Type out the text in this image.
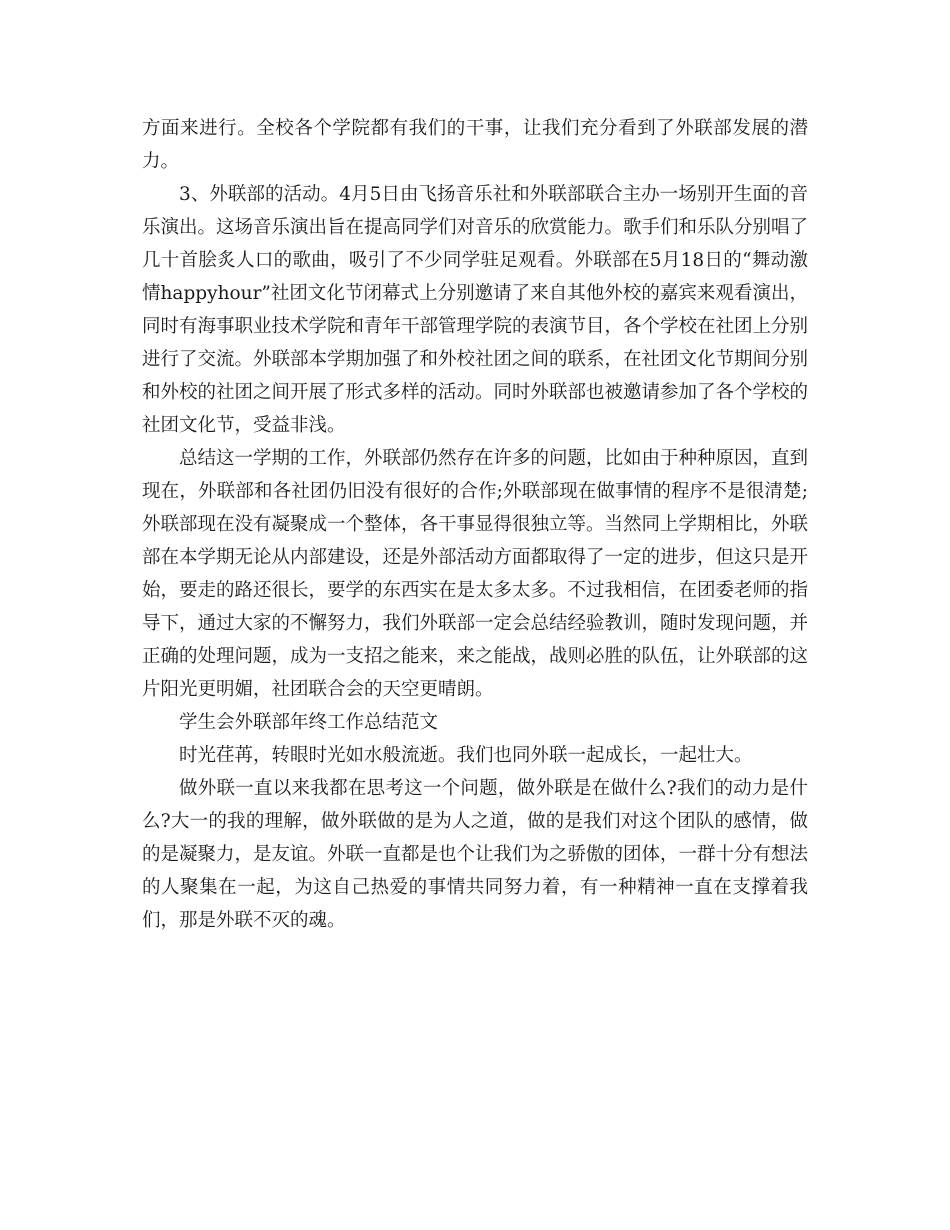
方面来进行。全校各个学院都有我们的干事，让我们充分看到了外联部发展的潜力。

3、外联部的活动。4月5日由飞扬音乐社和外联部联合主办一场别开生面的音乐演出。这场音乐演出旨在提高同学们对音乐的欣赏能力。歌手们和乐队分别唱了几十首脍炙人口的歌曲，吸引了不少同学驻足观看。外联部在5月18日的“舞动激情happyhour”社团文化节闭幕式上分别邀请了来自其他外校的嘉宾来观看演出，同时有海事职业技术学院和青年干部管理学院的表演节目，各个学校在社团上分别进行了交流。外联部本学期加强了和外校社团之间的联系，在社团文化节期间分别和外校的社团之间开展了形式多样的活动。同时外联部也被邀请参加了各个学校的社团文化节，受益非浅。

总结这一学期的工作，外联部仍然存在许多的问题，比如由于种种原因，直到现在，外联部和各社团仍旧没有很好的合作;外联部现在做事情的程序不是很清楚;外联部现在没有凝聚成一个整体，各干事显得很独立等。当然同上学期相比，外联部在本学期无论从内部建设，还是外部活动方面都取得了一定的进步，但这只是开始，要走的路还很长，要学的东西实在是太多太多。不过我相信，在团委老师的指导下，通过大家的不懈努力，我们外联部一定会总结经验教训，随时发现问题，并正确的处理问题，成为一支招之能来，来之能战，战则必胜的队伍，让外联部的这片阳光更明媚，社团联合会的天空更晴朗。

学生会外联部年终工作总结范文

时光荏苒，转眼时光如水般流逝。我们也同外联一起成长，一起壮大。

做外联一直以来我都在思考这一个问题，做外联是在做什么?我们的动力是什么?大一的我的理解，做外联做的是为人之道，做的是我们对这个团队的感情，做的是凝聚力，是友谊。外联一直都是也个让我们为之骄傲的团体，一群十分有想法的人聚集在一起，为这自己热爱的事情共同努力着，有一种精神一直在支撑着我们，那是外联不灭的魂。
